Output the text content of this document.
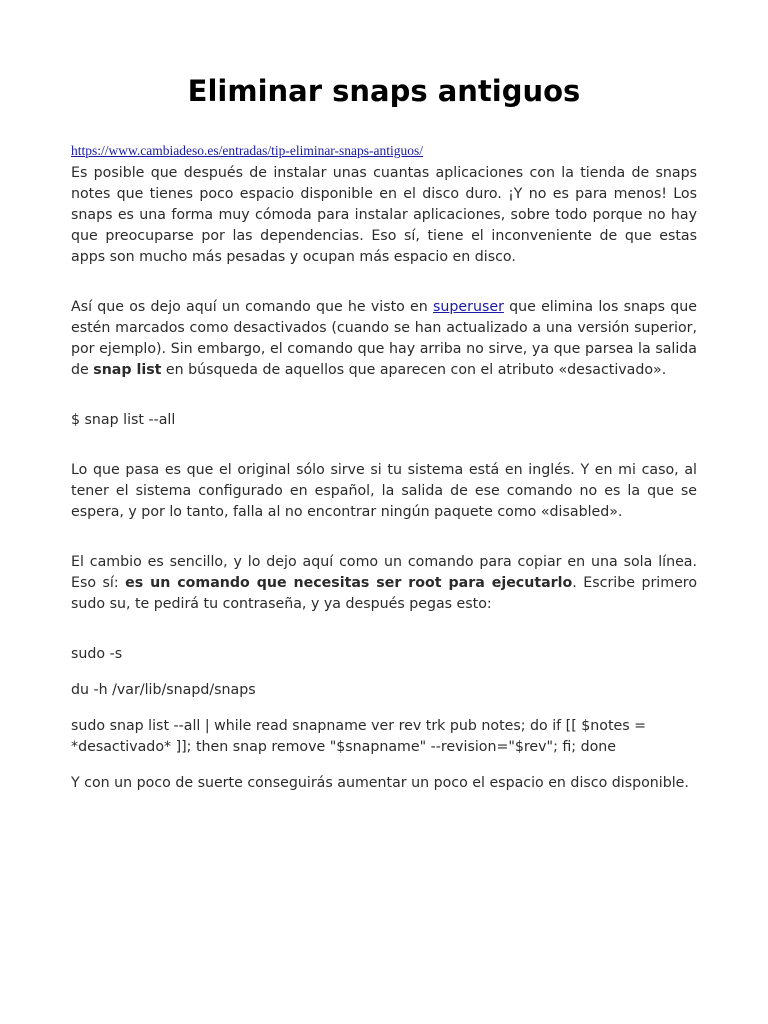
Eliminar snaps antiguos
https://www.cambiadeso.es/entradas/tip-eliminar-snaps-antiguos/

Es posible que después de instalar unas cuantas aplicaciones con la tienda de snaps notes que tienes poco espacio disponible en el disco duro. ¡Y no es para menos! Los snaps es una forma muy cómoda para instalar aplicaciones, sobre todo porque no hay que preocuparse por las dependencias. Eso sí, tiene el inconveniente de que estas apps son mucho más pesadas y ocupan más espacio en disco.

Así que os dejo aquí un comando que he visto en superuser que elimina los snaps que estén marcados como desactivados (cuando se han actualizado a una versión superior, por ejemplo). Sin embargo, el comando que hay arriba no sirve, ya que parsea la salida de snap list en búsqueda de aquellos que aparecen con el atributo «desactivado».

$ snap list --all

Lo que pasa es que el original sólo sirve si tu sistema está en inglés. Y en mi caso, al tener el sistema configurado en español, la salida de ese comando no es la que se espera, y por lo tanto, falla al no encontrar ningún paquete como «disabled».

El cambio es sencillo, y lo dejo aquí como un comando para copiar en una sola línea. Eso sí: es un comando que necesitas ser root para ejecutarlo. Escribe primero sudo su, te pedirá tu contraseña, y ya después pegas esto:

sudo -s

du -h /var/lib/snapd/snaps

sudo snap list --all | while read snapname ver rev trk pub notes; do if [[ $notes = *desactivado* ]]; then snap remove "$snapname" --revision="$rev"; fi; done

Y con un poco de suerte conseguirás aumentar un poco el espacio en disco disponible.
